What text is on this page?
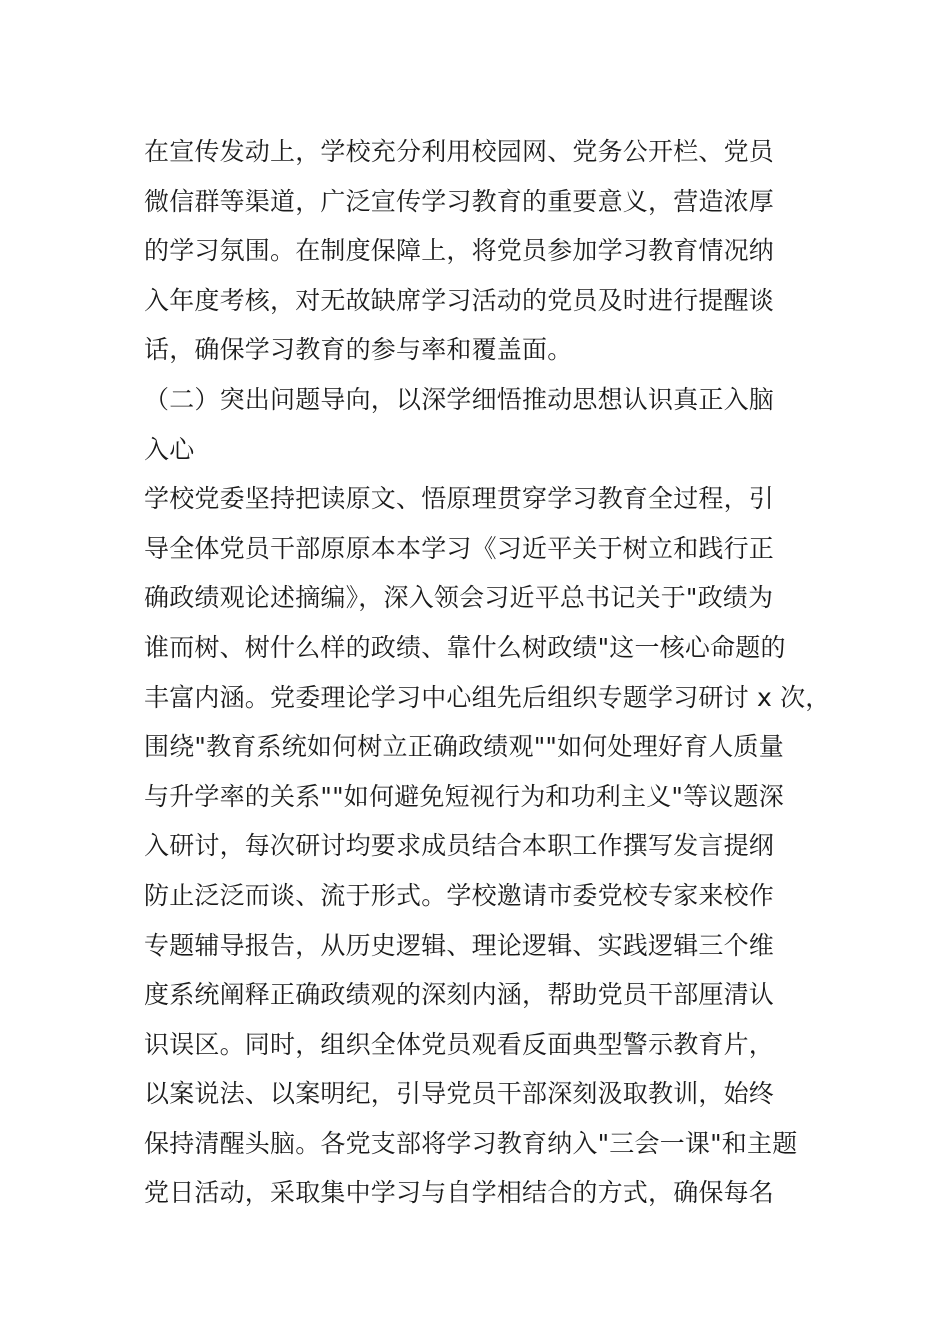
在宣传发动上，学校充分利用校园网、党务公开栏、党员
微信群等渠道，广泛宣传学习教育的重要意义，营造浓厚
的学习氛围。在制度保障上，将党员参加学习教育情况纳
入年度考核，对无故缺席学习活动的党员及时进行提醒谈
话，确保学习教育的参与率和覆盖面。
（二）突出问题导向，以深学细悟推动思想认识真正入脑
入心
学校党委坚持把读原文、悟原理贯穿学习教育全过程，引
导全体党员干部原原本本学习《习近平关于树立和践行正
确政绩观论述摘编》，深入领会习近平总书记关于"政绩为
谁而树、树什么样的政绩、靠什么树政绩"这一核心命题的
丰富内涵。党委理论学习中心组先后组织专题学习研讨 x 次，
围绕"教育系统如何树立正确政绩观""如何处理好育人质量
与升学率的关系""如何避免短视行为和功利主义"等议题深
入研讨，每次研讨均要求成员结合本职工作撰写发言提纲
防止泛泛而谈、流于形式。学校邀请市委党校专家来校作
专题辅导报告，从历史逻辑、理论逻辑、实践逻辑三个维
度系统阐释正确政绩观的深刻内涵，帮助党员干部厘清认
识误区。同时，组织全体党员观看反面典型警示教育片，
以案说法、以案明纪，引导党员干部深刻汲取教训，始终
保持清醒头脑。各党支部将学习教育纳入"三会一课"和主题
党日活动，采取集中学习与自学相结合的方式，确保每名
